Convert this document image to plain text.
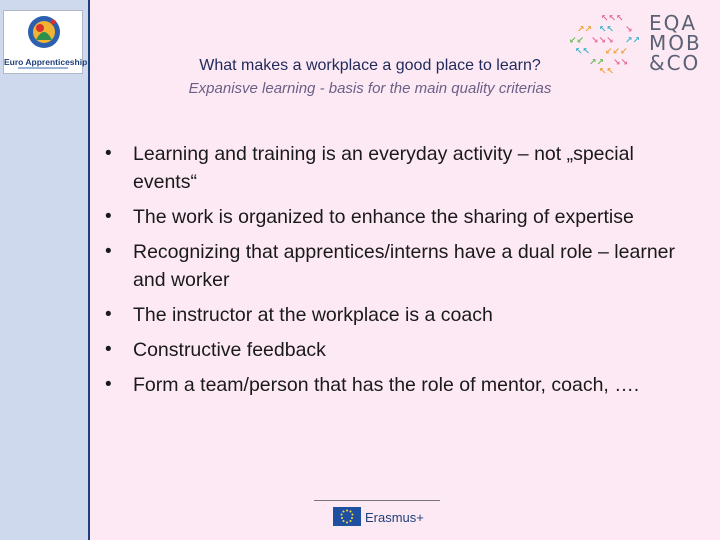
Euro Apprenticeship	What makes a workplace a good place to learn?
Expanisve learning - basis for the main quality criterias
↖↖↖
↗↗ ↖↖ ↘
↙↙ ↘↘↘ ↗↗
↖↖ ↙↙↙
↗↗ ↘↘
↖↖
EQA
MOB
&CO
• Learning and training is an everyday activity – not „special events“
• The work is organized to enhance the sharing of expertise
• Recognizing that apprentices/interns have a dual role – learner and worker
• The instructor at the workplace is a coach
• Constructive feedback
• Form a team/person that has the role of mentor, coach, ….
Erasmus+
